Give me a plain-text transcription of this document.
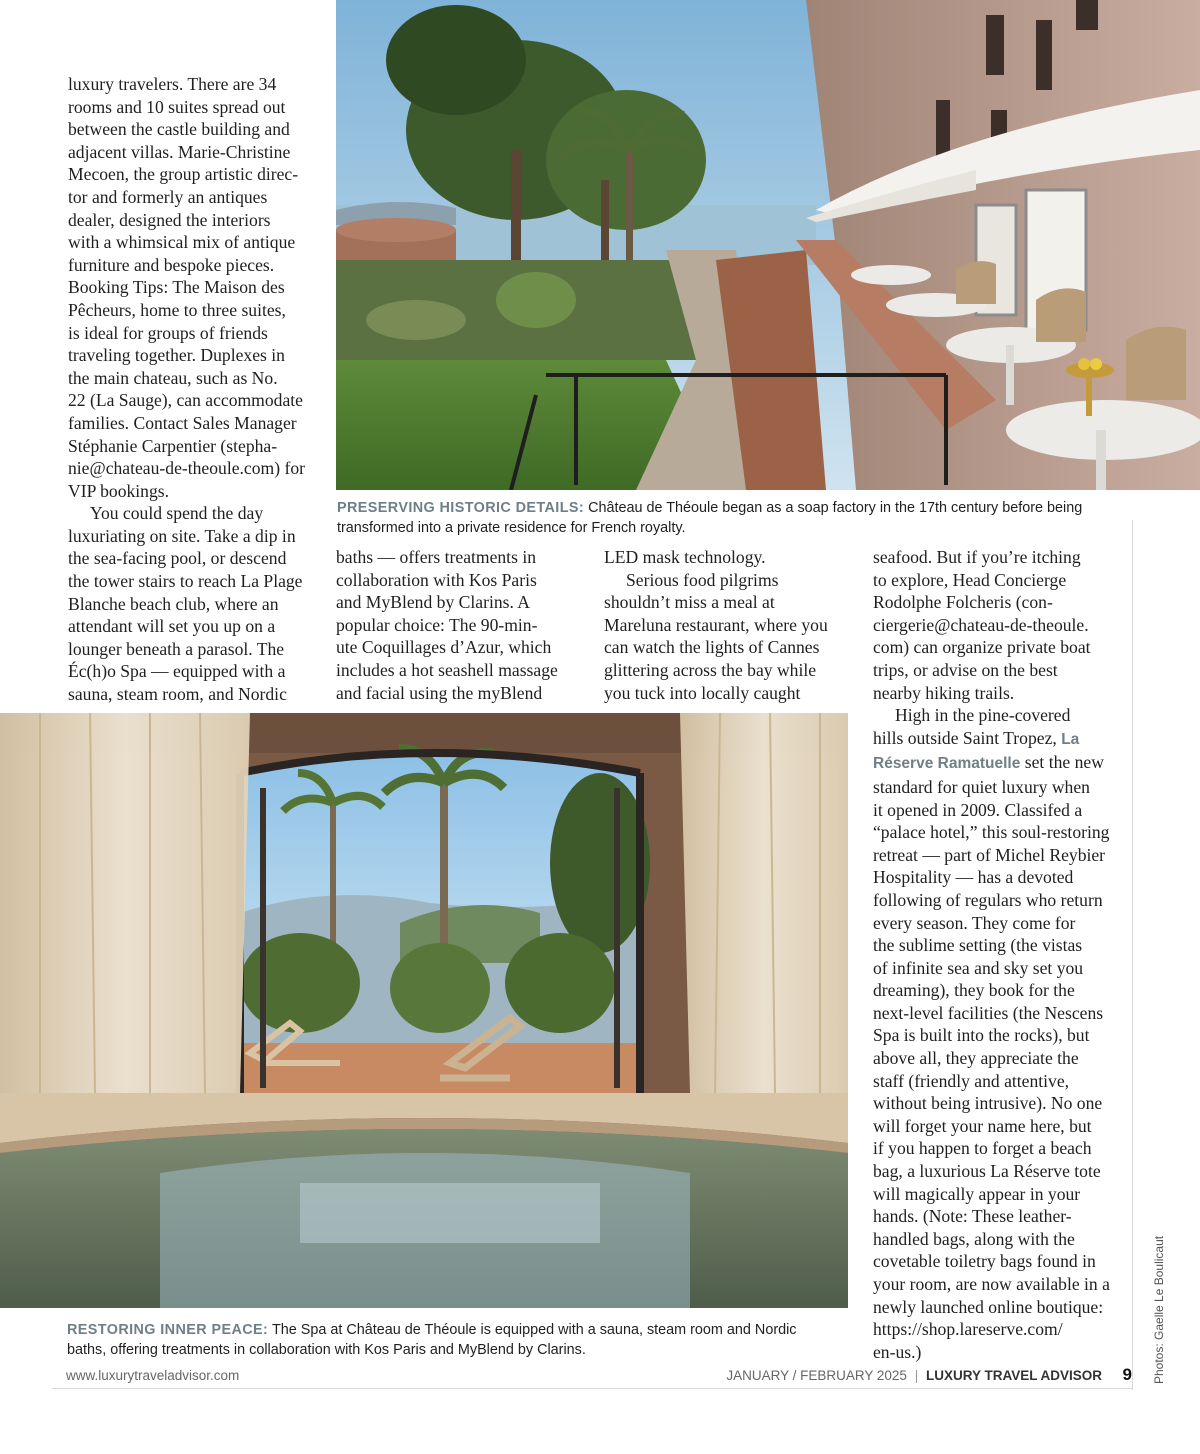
PRESERVING HISTORIC DETAILS: Château de Théoule began as a soap factory in the 17th century before being
transformed into a private residence for French royalty.

luxury travelers. There are 34

rooms and 10 suites spread out

between the castle building and

adjacent villas. Marie-Christine

Mecoen, the group artistic direc-

tor and formerly an antiques

dealer, designed the interiors

with a whimsical mix of antique

furniture and bespoke pieces.

Booking Tips: The Maison des

Pêcheurs, home to three suites,

is ideal for groups of friends

traveling together. Duplexes in

the main chateau, such as No.

22 (La Sauge), can accommodate

families. Contact Sales Manager

Stéphanie Carpentier (stepha-

nie@chateau-de-theoule.com) for

VIP bookings.

You could spend the day

luxuriating on site. Take a dip in

the sea-facing pool, or descend

the tower stairs to reach La Plage

Blanche beach club, where an

attendant will set you up on a

lounger beneath a parasol. The

Éc(h)o Spa — equipped with a

sauna, steam room, and Nordic

baths — offers treatments in

collaboration with Kos Paris

and MyBlend by Clarins. A

popular choice: The 90-min-

ute Coquillages d’Azur, which

includes a hot seashell massage

and facial using the myBlend

LED mask technology.

Serious food pilgrims

shouldn’t miss a meal at

Mareluna restaurant, where you

can watch the lights of Cannes

glittering across the bay while

you tuck into locally caught

seafood. But if you’re itching

to explore, Head Concierge

Rodolphe Folcheris (con-

ciergerie@chateau-de-theoule.

com) can organize private boat

trips, or advise on the best

nearby hiking trails.

High in the pine-covered

hills outside Saint Tropez, La

Réserve Ramatuelle set the new

standard for quiet luxury when

it opened in 2009. Classifed a

“palace hotel,” this soul-restoring

retreat — part of Michel Reybier

Hospitality — has a devoted

following of regulars who return

every season. They come for

the sublime setting (the vistas

of infinite sea and sky set you

dreaming), they book for the

next-level facilities (the Nescens

Spa is built into the rocks), but

above all, they appreciate the

staff (friendly and attentive,

without being intrusive). No one

will forget your name here, but

if you happen to forget a beach

bag, a luxurious La Réserve tote

will magically appear in your

hands. (Note: These leather-

handled bags, along with the

covetable toiletry bags found in

your room, are now available in a

newly launched online boutique:

https://shop.lareserve.com/

en-us.)

RESTORING INNER PEACE: The Spa at Château de Théoule is equipped with a sauna, steam room and Nordic
baths, offering treatments in collaboration with Kos Paris and MyBlend by Clarins.	Photos: Gaelle Le Boulicaut
www.luxurytraveladvisor.com	JANUARY / FEBRUARY 2025 | LUXURY TRAVEL ADVISOR 9
